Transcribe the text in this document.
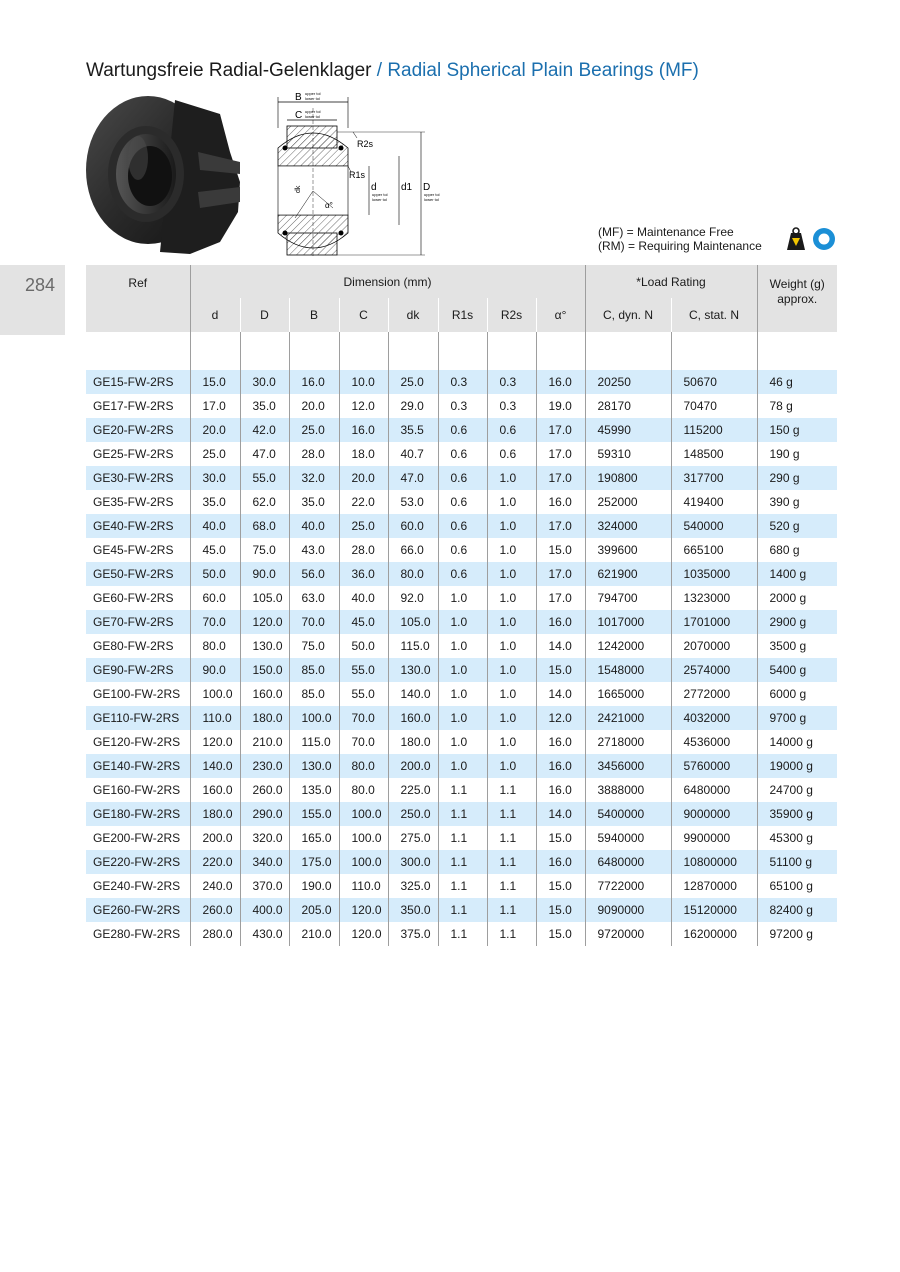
Wartungsfreie Radial-Gelenklager / Radial Spherical Plain Bearings (MF)
B upper tol
lower tol
C upper tol
lower tol
dk
α°
R2s
R1s
d
upper tol
lower tol
d1 D
upper tol
lower tol
(MF) = Maintenance Free
(RM) = Requiring Maintenance
284	Ref	Dimension (mm)								*Load Rating		Weight (g)
approx.
	d	D	B	C	dk	R1s	R2s	α°	C, dyn. N	C, stat. N	

GE15-FW-2RS	15.0	30.0	16.0	10.0	25.0	0.3	0.3	16.0	20250	50670	46 g
GE17-FW-2RS	17.0	35.0	20.0	12.0	29.0	0.3	0.3	19.0	28170	70470	78 g
GE20-FW-2RS	20.0	42.0	25.0	16.0	35.5	0.6	0.6	17.0	45990	115200	150 g
GE25-FW-2RS	25.0	47.0	28.0	18.0	40.7	0.6	0.6	17.0	59310	148500	190 g
GE30-FW-2RS	30.0	55.0	32.0	20.0	47.0	0.6	1.0	17.0	190800	317700	290 g
GE35-FW-2RS	35.0	62.0	35.0	22.0	53.0	0.6	1.0	16.0	252000	419400	390 g
GE40-FW-2RS	40.0	68.0	40.0	25.0	60.0	0.6	1.0	17.0	324000	540000	520 g
GE45-FW-2RS	45.0	75.0	43.0	28.0	66.0	0.6	1.0	15.0	399600	665100	680 g
GE50-FW-2RS	50.0	90.0	56.0	36.0	80.0	0.6	1.0	17.0	621900	1035000	1400 g
GE60-FW-2RS	60.0	105.0	63.0	40.0	92.0	1.0	1.0	17.0	794700	1323000	2000 g
GE70-FW-2RS	70.0	120.0	70.0	45.0	105.0	1.0	1.0	16.0	1017000	1701000	2900 g
GE80-FW-2RS	80.0	130.0	75.0	50.0	115.0	1.0	1.0	14.0	1242000	2070000	3500 g
GE90-FW-2RS	90.0	150.0	85.0	55.0	130.0	1.0	1.0	15.0	1548000	2574000	5400 g
GE100-FW-2RS	100.0	160.0	85.0	55.0	140.0	1.0	1.0	14.0	1665000	2772000	6000 g
GE110-FW-2RS	110.0	180.0	100.0	70.0	160.0	1.0	1.0	12.0	2421000	4032000	9700 g
GE120-FW-2RS	120.0	210.0	115.0	70.0	180.0	1.0	1.0	16.0	2718000	4536000	14000 g
GE140-FW-2RS	140.0	230.0	130.0	80.0	200.0	1.0	1.0	16.0	3456000	5760000	19000 g
GE160-FW-2RS	160.0	260.0	135.0	80.0	225.0	1.1	1.1	16.0	3888000	6480000	24700 g
GE180-FW-2RS	180.0	290.0	155.0	100.0	250.0	1.1	1.1	14.0	5400000	9000000	35900 g
GE200-FW-2RS	200.0	320.0	165.0	100.0	275.0	1.1	1.1	15.0	5940000	9900000	45300 g
GE220-FW-2RS	220.0	340.0	175.0	100.0	300.0	1.1	1.1	16.0	6480000	10800000	51100 g
GE240-FW-2RS	240.0	370.0	190.0	110.0	325.0	1.1	1.1	15.0	7722000	12870000	65100 g
GE260-FW-2RS	260.0	400.0	205.0	120.0	350.0	1.1	1.1	15.0	9090000	15120000	82400 g
GE280-FW-2RS	280.0	430.0	210.0	120.0	375.0	1.1	1.1	15.0	9720000	16200000	97200 g
